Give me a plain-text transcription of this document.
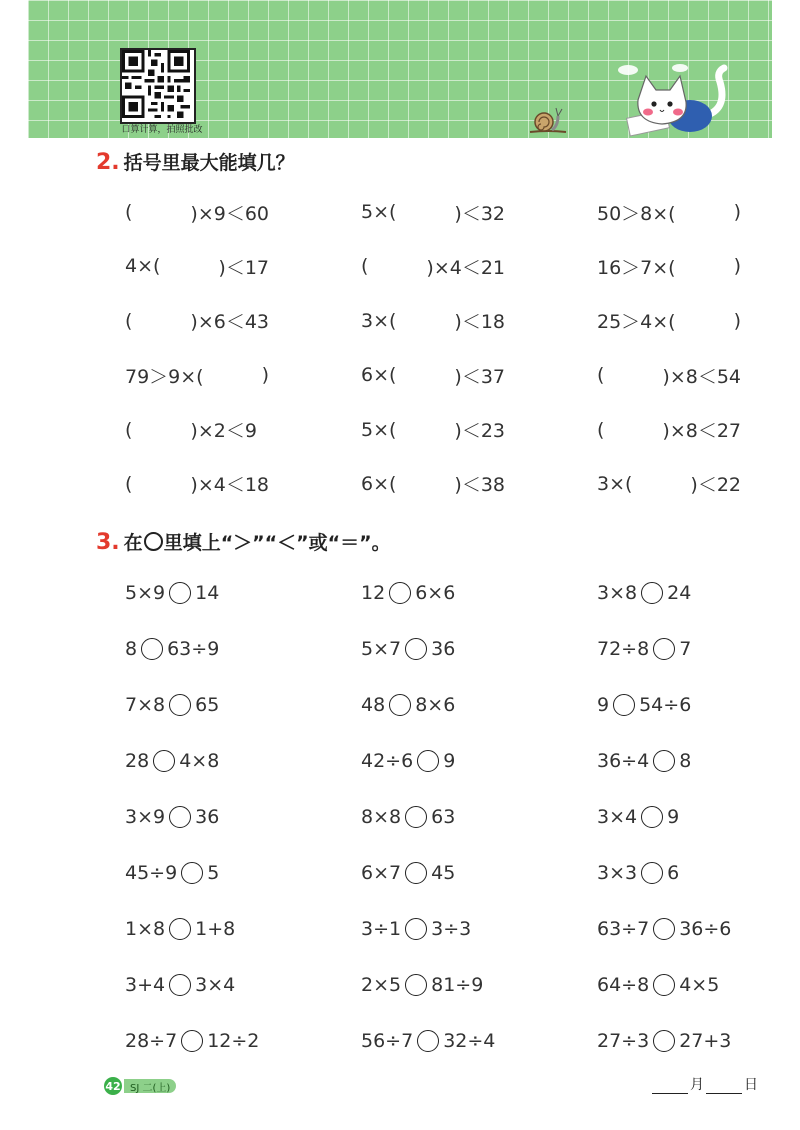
口算计算，拍照批改
2. 括号里最大能填几？
(	)×9＜60	5×(	)＜32	50＞8×(	)
4×(	)＜17	(	)×4＜21	16＞7×(	)
(	)×6＜43	3×(	)＜18	25＞4×(	)
79＞9×(	)	6×(	)＜37	(	)×8＜54
(	)×2＜9	5×(	)＜23	(	)×8＜27
(	)×4＜18	6×(	)＜38	3×(	)＜22
3. 在 里填上“＞”“＜”或“＝”。
5×9 14	12 6×6	3×8 24
8 63÷9	5×7 36	72÷8 7
7×8 65	48 8×6	9 54÷6
28 4×8	42÷6 9	36÷4 8
3×9 36	8×8 63	3×4 9
45÷9 5	6×7 45	3×3 6
1×8 1+8	3÷1 3÷3	63÷7 36÷6
3+4 3×4	2×5 81÷9	64÷8 4×5
28÷7 12÷2	56÷7 32÷4	27÷3 27+3
42 SJ 二(上)	月	日
